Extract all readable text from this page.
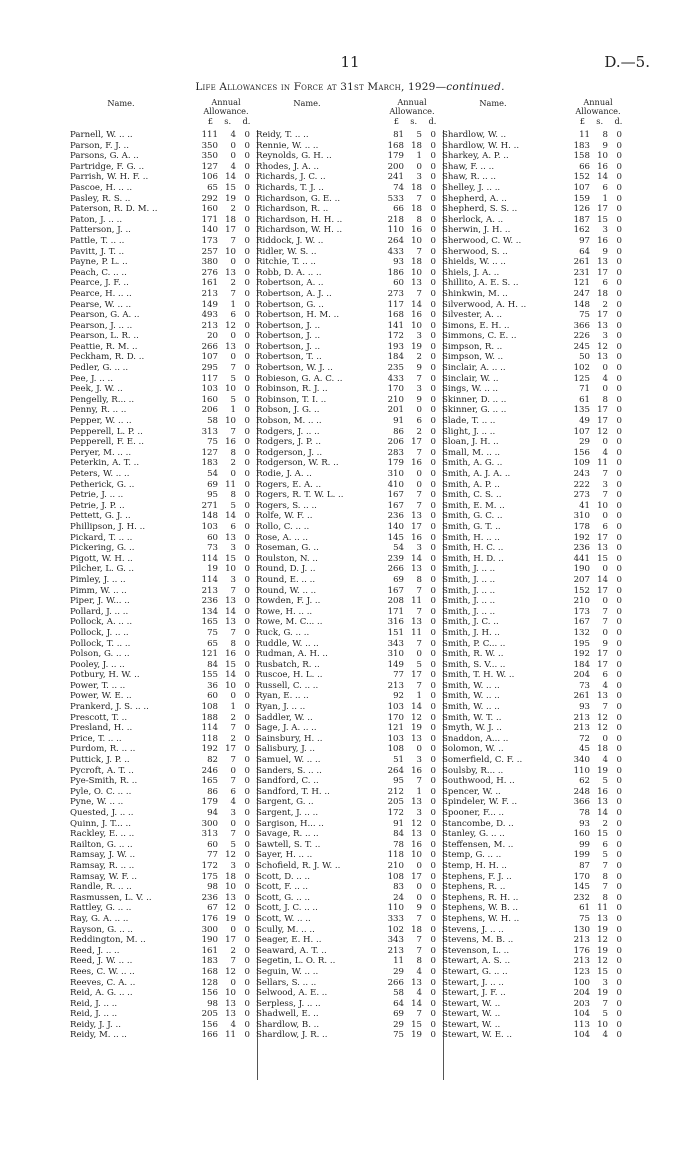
11	D.—5.
Life Allowances in Force at 31st March, 1929—continued.
Name.	Annual Allowance.
£ s. d.
Parnell, W. .. ..	111	4 0
Parson, F. J. ..	350	0 0
Parsons, G. A. ..	350	0 0
Partridge, F. G. ..	127	4 0
Parrish, W. H. F. ..	106 14 0
Pascoe, H. .. ..	65 15 0
Pasley, R. S. ..	292 19 0
Paterson, R. D. M. ..	160	2 0
Paton, J. .. ..	171 18 0
Patterson, J. ..	140 17 0
Pattle, T. .. ..	173	7 0
Pavitt, J. T. ..	257 10 0
Payne, P. L. ..	380	0 0
Peach, C. .. ..	276 13 0
Pearce, J. F. ..	161	2 0
Pearce, H. .. ..	213	7 0
Pearse, W. .. ..	149	1 0
Pearson, G. A. ..	493	6 0
Pearson, J. .. ..	213 12 0
Pearson, L. R. ..	20	0 0
Peattie, R. M. ..	266 13 0
Peckham, R. D. ..	107	0 0
Pedler, G. .. ..	295	7 0
Pee, J. .. ..	117	5 0
Peek, J. W. ..	103 10 0
Pengelly, R... ..	160	5 0
Penny, R. .. ..	206	1 0
Pepper, W. .. ..	58 10 0
Pepperell, L. P. ..	313	7 0
Pepperell, F. E. ..	75 16 0
Peryer, M. .. ..	127	8 0
Peterkin, A. T. ..	183	2 0
Peters, W. .. ..	54	0 0
Petherick, G. ..	69 11 0
Petrie, J. .. ..	95	8 0
Petrie, J. P. ..	271	5 0
Pettett, G. J. ..	148 14 0
Phillipson, J. H. ..	103	6 0
Pickard, T. .. ..	60 13 0
Pickering, G. ..	73	3 0
Pigott, W. H. ..	114 15 0
Pilcher, L. G. ..	19 10 0
Pimley, J. .. ..	114	3 0
Pimm, W. .. ..	213	7 0
Piper, J. W... ..	236 13 0
Pollard, J. .. ..	134 14 0
Pollock, A. .. ..	165 13 0
Pollock, J. .. ..	75	7 0
Pollock, T. .. ..	65	8 0
Polson, G. .. ..	121 16 0
Pooley, J. .. ..	84 15 0
Potbury, H. W. ..	155 14 0
Power, T. .. ..	36 10 0
Power, W. E. ..	60	0 0
Prankerd, J. S. .. ..	108	1 0
Prescott, T. ..	188	2 0
Presland, H. ..	114	7 0
Price, T. .. ..	118	2 0
Purdom, R. .. ..	192 17 0
Puttick, J. P. ..	82	7 0
Pycroft, A. T. ..	246	0 0
Pye-Smith, R. ..	165	7 0
Pyle, O. C. .. ..	86	6 0
Pyne, W. .. ..	179	4 0
Quested, J. .. ..	94	3 0
Quinn, J. T... ..	300	0 0
Rackley, E. .. ..	313	7 0
Railton, G. .. ..	60	5 0
Ramsay, J. W. ..	77 12 0
Ramsay, R. .. ..	172	3 0
Ramsay, W. F. ..	175 18 0
Randle, R. .. ..	98 10 0
Rasmussen, L. V. ..	236 13 0
Rattley, G. .. ..	67 12 0
Ray, G. A. .. ..	176 19 0
Rayson, G. .. ..	300	0 0
Reddington, M. ..	190 17 0
Reed, J. .. ..	161	2 0
Reed, J. W. .. ..	183	7 0
Rees, C. W. .. ..	168 12 0
Reeves, C. A. ..	128	0 0
Reid, A. G. .. ..	156 10 0
Reid, J. .. ..	98 13 0
Reid, J. .. ..	205 13 0
Reidy, J. J. ..	156	4 0
Reidy, M. .. ..	166 11 0
Name.	Annual Allowance.
£ s. d.
Reidy, T. .. ..	81	5 0
Rennie, W. .. ..	168 18 0
Reynolds, G. H. ..	179	1 0
Rhodes, J. A. ..	200	0 0
Richards, J. C. ..	241	3 0
Richards, T. J. ..	74 18 0
Richardson, G. E. ..	533	7 0
Richardson, R. ..	66 18 0
Richardson, H. H. ..	218	8 0
Richardson, W. H. ..	110 16 0
Riddock, J. W. ..	264 10 0
Ridler, W. S. ..	433	7 0
Ritchie, T. .. ..	93 18 0
Robb, D. A. .. ..	186 10 0
Robertson, A. ..	60 13 0
Robertson, A. J. ..	273	7 0
Robertson, G. ..	117 14 0
Robertson, H. M. ..	168 16 0
Robertson, J. ..	141 10 0
Robertson, J. ..	172	3 0
Robertson, J. ..	193 19 0
Robertson, T. ..	184	2 0
Robertson, W. J. ..	235	9 0
Robieson, G. A. C. ..	433	7 0
Robinson, R. J. ..	170	3 0
Robinson, T. I. ..	210	9 0
Robson, J. G. ..	201	0 0
Robson, M. .. ..	91	6 0
Rodgers, J. .. ..	86	2 0
Rodgers, J. P. ..	206 17 0
Rodgerson, J. ..	283	7 0
Rodgerson, W. R. ..	179 16 0
Rodie, J. A. ..	310	0 0
Rogers, E. A. ..	410	0 0
Rogers, R. T. W. L. ..	167	7 0
Rogers, S. .. ..	167	7 0
Rolfe, W. F. ..	236 13 0
Rollo, C. .. ..	140 17 0
Rose, A. .. ..	145 16 0
Roseman, G. ..	54	3 0
Roulston, N. ..	239 14 0
Round, D. J. ..	266 13 0
Round, E. .. ..	69	8 0
Round, W. .. ..	167	7 0
Rowden, F. J. ..	208 11 0
Rowe, H. .. ..	171	7 0
Rowe, M. C... ..	316 13 0
Ruck, G. .. ..	151 11 0
Ruddle, W. .. ..	343	7 0
Rudman, A. H. ..	310	0 0
Rusbatch, R. ..	149	5 0
Ruscoe, H. L. ..	77 17 0
Russell, C. .. ..	213	7 0
Ryan, E. .. ..	92	1 0
Ryan, J. .. ..	103 14 0
Saddler, W. ..	170 12 0
Sage, J. A. .. ..	121 19 0
Sainsbury, H. ..	103 13 0
Salisbury, J. ..	108	0 0
Samuel, W. .. ..	51	3 0
Sanders, S. .. ..	264 16 0
Sandford, C. ..	95	7 0
Sandford, T. H. ..	212	1 0
Sargent, G. ..	205 13 0
Sargent, J. .. ..	172	3 0
Sargison, H... ..	91 12 0
Savage, R. .. ..	84 13 0
Sawtell, S. T. ..	78 16 0
Sayer, H. .. ..	118 10 0
Schofield, R. J. W. ..	210	0 0
Scott, D. .. ..	108 17 0
Scott, F. .. ..	83	0 0
Scott, G. .. ..	24	0 0
Scott, J. C. .. ..	110	9 0
Scott, W. .. ..	333	7 0
Scully, M. .. ..	102 18 0
Seager, E. H. ..	343	7 0
Seaward, A. T. ..	213	7 0
Segetin, L. O. R. ..	11	8 0
Seguin, W. .. ..	29	4 0
Sellars, S. .. ..	266 13 0
Selwood, A. E. ..	58	4 0
Serpless, J. .. ..	64 14 0
Shadwell, E. ..	69	7 0
Shardlow, B. ..	29 15 0
Shardlow, J. R. ..	75 19 0
Name.	Annual Allowance.
£ s. d.
Shardlow, W. ..	11	8 0
Shardlow, W. H. ..	183	9 0
Sharkey, A. P. ..	158 10 0
Shaw, F. .. ..	66 16 0
Shaw, R. .. ..	152 14 0
Shelley, J. .. ..	107	6 0
Shepherd, A. ..	159	1 0
Shepherd, S. S. ..	126 17 0
Sherlock, A. ..	187 15 0
Sherwin, J. H. ..	162	3 0
Sherwood, C. W. ..	97 16 0
Sherwood, S. ..	64	9 0
Shields, W. .. ..	261 13 0
Shiels, J. A. ..	231 17 0
Shillito, A. E. S. ..	121	6 0
Shinkwin, M. ..	247 18 0
Silverwood, A. H. ..	148	2 0
Silvester, A. ..	75 17 0
Simons, E. H. ..	366 13 0
Simmons, C. E. ..	226	3 0
Simpson, R. ..	245 12 0
Simpson, W. ..	50 13 0
Sinclair, A. .. ..	102	0 0
Sinclair, W. ..	125	4 0
Sings, W. .. ..	71	0 0
Skinner, D. .. ..	61	8 0
Skinner, G. .. ..	135 17 0
Slade, T. .. ..	49 17 0
Slight, J. .. ..	107 12 0
Sloan, J. H. ..	29	0 0
Small, M. .. ..	156	4 0
Smith, A. G. ..	109 11 0
Smith, A. J. A. ..	243	7 0
Smith, A. P. ..	222	3 0
Smith, C. S. ..	273	7 0
Smith, E. M. ..	41 10 0
Smith, G. C. ..	310	0 0
Smith, G. T. ..	178	6 0
Smith, H. .. ..	192 17 0
Smith, H. C. ..	236 13 0
Smith, H. D. ..	441 15 0
Smith, J. .. ..	190	0 0
Smith, J. .. ..	207 14 0
Smith, J. .. ..	152 17 0
Smith, J. .. ..	210	0 0
Smith, J. .. ..	173	7 0
Smith, J. C. ..	167	7 0
Smith, J. H. ..	132	0 0
Smith, P. C... ..	195	9 0
Smith, R. W. ..	192 17 0
Smith, S. V... ..	184 17 0
Smith, T. H. W. ..	204	6 0
Smith, W. .. ..	73	4 0
Smith, W. .. ..	261 13 0
Smith, W. .. ..	93	7 0
Smith, W. T. ..	213 12 0
Smyth, W. J. ..	213 12 0
Snaddon, A... ..	72	0 0
Solomon, W. ..	45 18 0
Somerfield, C. F. ..	340	4 0
Soulsby, R... ..	110 19 0
Southwood, H. ..	62	5 0
Spencer, W. ..	248 16 0
Spindeler, W. F. ..	366 13 0
Spooner, F... ..	78 14 0
Stancombe, D. ..	93	2 0
Stanley, G. .. ..	160 15 0
Steffensen, M. ..	99	6 0
Stemp, G. .. ..	199	5 0
Stemp, H. H. ..	87	7 0
Stephens, F. J. ..	170	8 0
Stephens, R. ..	145	7 0
Stephens, R. H. ..	232	8 0
Stephens, W. B. ..	61 11 0
Stephens, W. H. ..	75 13 0
Stevens, J. .. ..	130 19 0
Stevens, M. B. ..	213 12 0
Stevenson, L. ..	176 19 0
Stewart, A. S. ..	213 12 0
Stewart, G. .. ..	123 15 0
Stewart, J. .. ..	100	3 0
Stewart, J. F. ..	204 19 0
Stewart, W. ..	203	7 0
Stewart, W. ..	104	5 0
Stewart, W. ..	113 10 0
Stewart, W. E. ..	104	4 0
